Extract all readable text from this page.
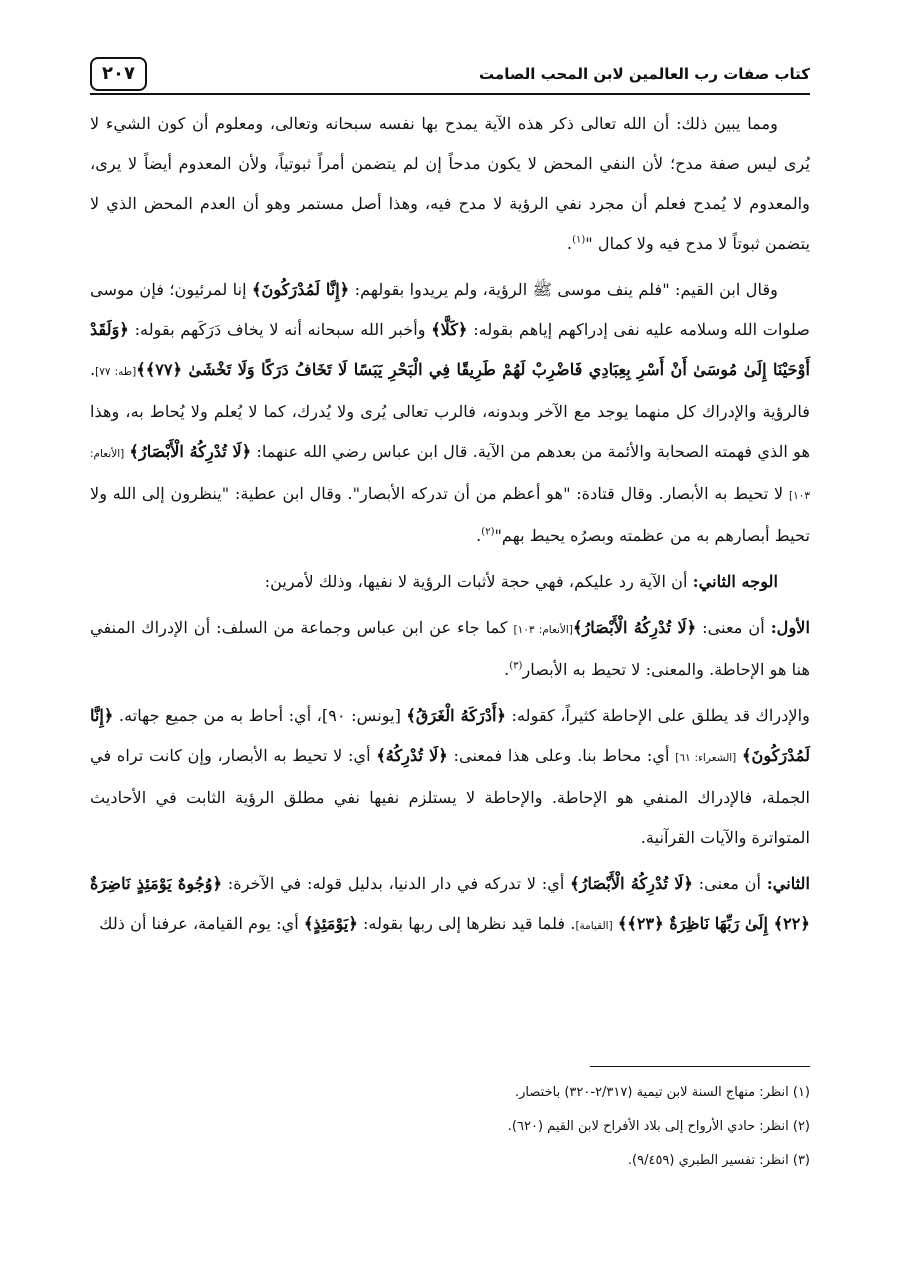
كتاب صفات رب العالمين لابن المحب الصامت
٢٠٧

ومما يبين ذلك: أن الله تعالى ذكر هذه الآية يمدح بها نفسه سبحانه وتعالى، ومعلوم أن كون الشيء لا يُرى ليس صفة مدح؛ لأن النفي المحض لا يكون مدحاً إن لم يتضمن أمراً ثبوتياً، ولأن المعدوم أيضاً لا يرى، والمعدوم لا يُمدح فعلم أن مجرد نفي الرؤية لا مدح فيه، وهذا أصل مستمر وهو أن العدم المحض الذي لا يتضمن ثبوتاً لا مدح فيه ولا كمال "$^{(١)}$.

وقال ابن القيم: "فلم ينف موسى ﷺ الرؤية، ولم يريدوا بقولهم: ﴿إِنَّا لَمُدْرَكُونَ﴾ إنا لمرئيون؛ فإن موسى صلوات الله وسلامه عليه نفى إدراكهم إياهم بقوله: ﴿كَلَّا﴾ وأخبر الله سبحانه أنه لا يخاف دَرَكَهم بقوله: ﴿وَلَقَدْ أَوْحَيْنَا إِلَىٰ مُوسَىٰ أَنْ أَسْرِ بِعِبَادِي فَاضْرِبْ لَهُمْ طَرِيقًا فِي الْبَحْرِ يَبَسًا لَا تَخَافُ دَرَكًا وَلَا تَخْشَىٰ ﴿٧٧﴾﴾[طه: ٧٧]. فالرؤية والإدراك كل منهما يوجد مع الآخر وبدونه، فالرب تعالى يُرى ولا يُدرك، كما لا يُعلم ولا يُحاط به، وهذا هو الذي فهمته الصحابة والأئمة من بعدهم من الآية. قال ابن عباس رضي الله عنهما: ﴿لَا تُدْرِكُهُ الْأَبْصَارُ﴾ [الأنعام: ١٠٣] لا تحيط به الأبصار. وقال قتادة: "هو أعظم من أن تدركه الأبصار". وقال ابن عطية: "ينظرون إلى الله ولا تحيط أبصارهم به من عظمته وبصرُه يحيط بهم"$^{(٢)}$.

الوجه الثاني: أن الآية رد عليكم، فهي حجة لأثبات الرؤية لا نفيها، وذلك لأمرين:

الأول: أن معنى: ﴿لَا تُدْرِكُهُ الْأَبْصَارُ﴾[الأنعام: ١٠٣] كما جاء عن ابن عباس وجماعة من السلف: أن الإدراك المنفي هنا هو الإحاطة. والمعنى: لا تحيط به الأبصار$^{(٣)}$.

والإدراك قد يطلق على الإحاطة كثيراً، كقوله: ﴿أَدْرَكَهُ الْغَرَقُ﴾ [يونس: ٩٠]، أي: أحاط به من جميع جهاته. ﴿إِنَّا لَمُدْرَكُونَ﴾ [الشعراء: ٦١] أي: محاط بنا. وعلى هذا فمعنى: ﴿لَا تُدْرِكُهُ﴾ أي: لا تحيط به الأبصار، وإن كانت تراه في الجملة، فالإدراك المنفي هو الإحاطة. والإحاطة لا يستلزم نفيها نفي مطلق الرؤية الثابت في الأحاديث المتواترة والآيات القرآنية.

الثاني: أن معنى: ﴿لَا تُدْرِكُهُ الْأَبْصَارُ﴾ أي: لا تدركه في دار الدنيا، بدليل قوله: في الآخرة: ﴿وُجُوهٌ يَوْمَئِذٍ نَاضِرَةٌ ﴿٢٢﴾ إِلَىٰ رَبِّهَا نَاظِرَةٌ ﴿٢٣﴾﴾ [القيامة]. فلما قيد نظرها إلى ربها بقوله: ﴿يَوْمَئِذٍ﴾ أي: يوم القيامة، عرفنا أن ذلك

(١) انظر: منهاج السنة لابن تيمية (٢/٣١٧-٣٢٠) باختصار.
(٢) انظر: حادي الأرواح إلى بلاد الأفراح لابن القيم (٦٢٠).
(٣) انظر: تفسير الطبري (٩/٤٥٩).
